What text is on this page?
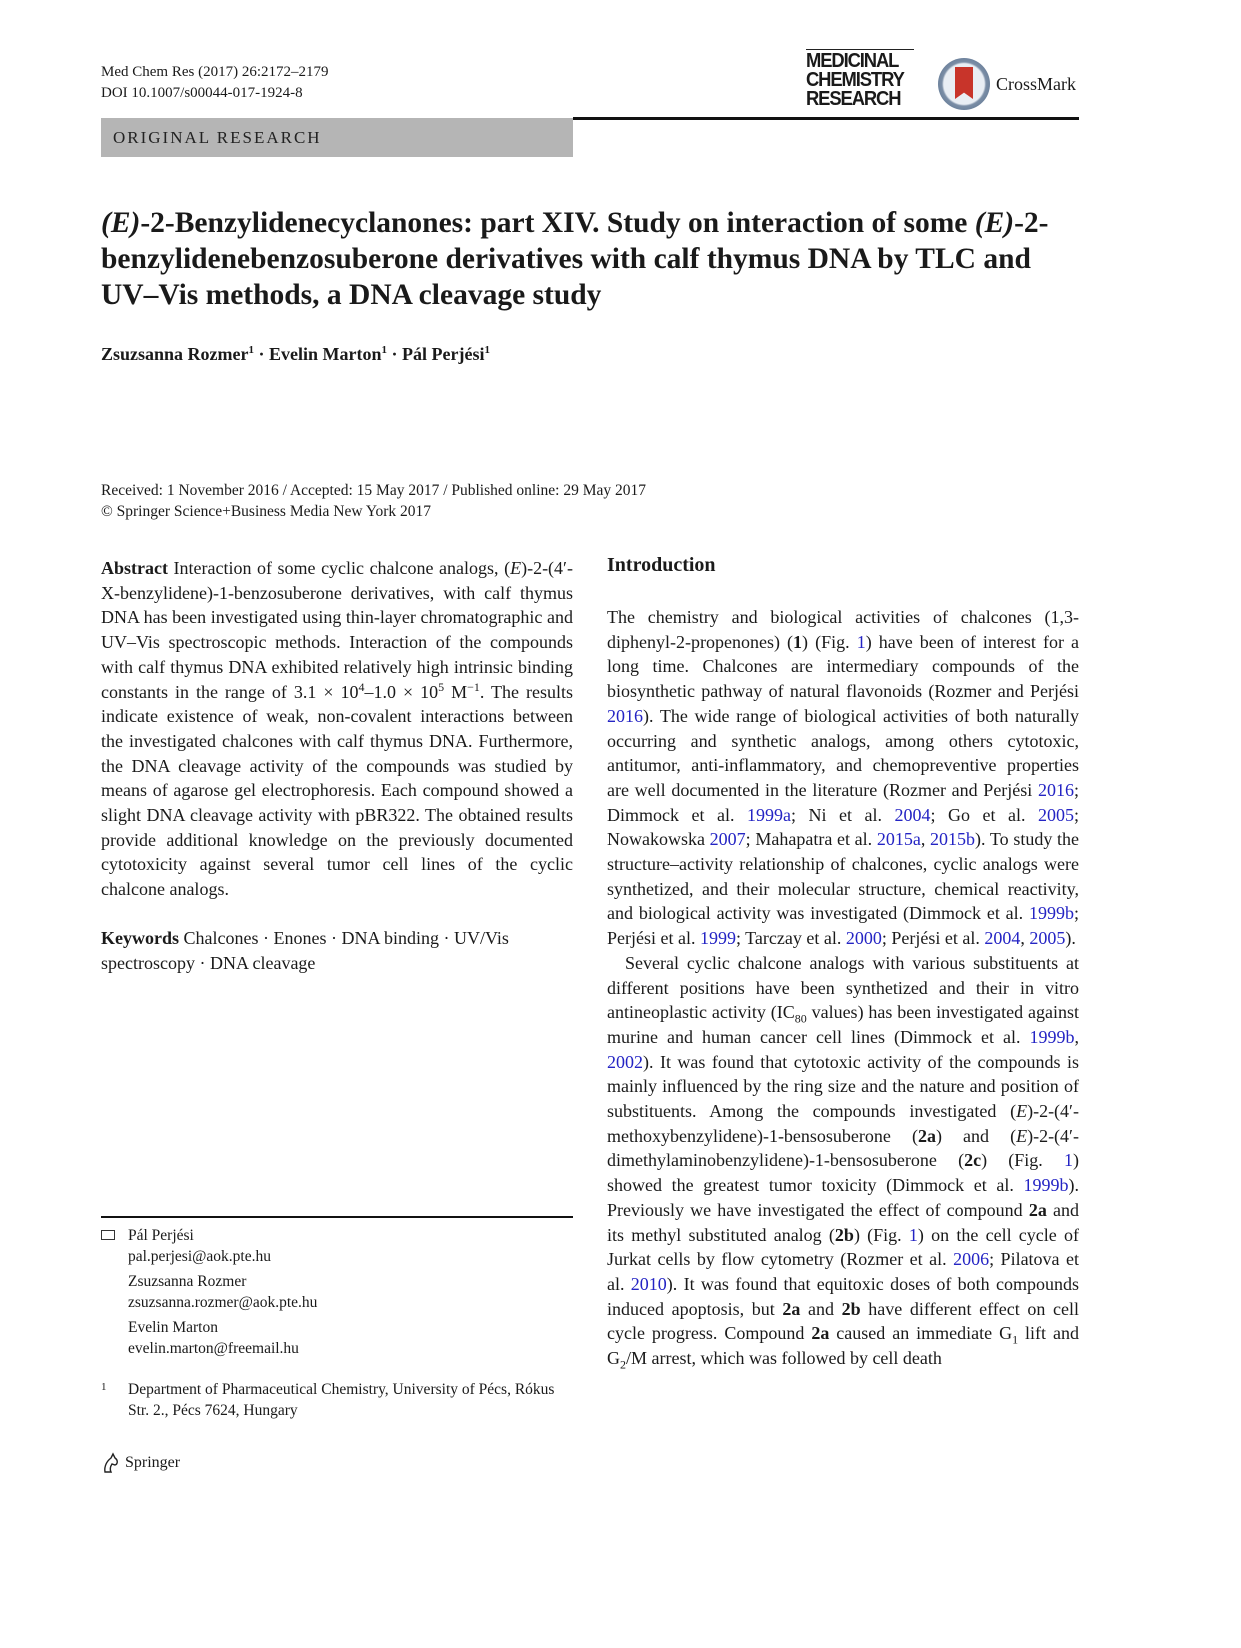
Med Chem Res (2017) 26:2172–2179
DOI 10.1007/s00044-017-1924-8
MEDICINAL
CHEMISTRY
RESEARCH
CrossMark
ORIGINAL RESEARCH
(E)-2-Benzylidenecyclanones: part XIV. Study on interaction of some (E)-2-benzylidenebenzosuberone derivatives with calf thymus DNA by TLC and UV–Vis methods, a DNA cleavage study
Zsuzsanna Rozmer$^1$ · Evelin Marton$^1$ · Pál Perjési$^1$
Received: 1 November 2016 / Accepted: 15 May 2017 / Published online: 29 May 2017
© Springer Science+Business Media New York 2017

Abstract Interaction of some cyclic chalcone analogs, (E)-2-(4′-X-benzylidene)-1-benzosuberone derivatives, with calf thymus DNA has been investigated using thin-layer chromatographic and UV–Vis spectroscopic methods. Interaction of the compounds with calf thymus DNA exhibited relatively high intrinsic binding constants in the range of $3.1 \times 10^4-1.0 \times 10^5$ $M^{-1}$. The results indicate existence of weak, non-covalent interactions between the investigated chalcones with calf thymus DNA. Furthermore, the DNA cleavage activity of the compounds was studied by means of agarose gel electrophoresis. Each compound showed a slight DNA cleavage activity with pBR322. The obtained results provide additional knowledge on the previously documented cytotoxicity against several tumor cell lines of the cyclic chalcone analogs.

Keywords Chalcones · Enones · DNA binding · UV/Vis spectroscopy · DNA cleavage

Introduction

The chemistry and biological activities of chalcones (1,3-diphenyl-2-propenones) (1) (Fig. 1) have been of interest for a long time. Chalcones are intermediary compounds of the biosynthetic pathway of natural flavonoids (Rozmer and Perjési 2016). The wide range of biological activities of both naturally occurring and synthetic analogs, among others cytotoxic, antitumor, anti-inflammatory, and chemopreventive properties are well documented in the literature (Rozmer and Perjési 2016; Dimmock et al. 1999a; Ni et al. 2004; Go et al. 2005; Nowakowska 2007; Mahapatra et al. 2015a, 2015b). To study the structure–activity relationship of chalcones, cyclic analogs were synthetized, and their molecular structure, chemical reactivity, and biological activity was investigated (Dimmock et al. 1999b; Perjési et al. 1999; Tarczay et al. 2000; Perjési et al. 2004, 2005).

Several cyclic chalcone analogs with various substituents at different positions have been synthetized and their in vitro antineoplastic activity ($IC_{80}$ values) has been investigated against murine and human cancer cell lines (Dimmock et al. 1999b, 2002). It was found that cytotoxic activity of the compounds is mainly influenced by the ring size and the nature and position of substituents. Among the compounds investigated (E)-2-(4′-methoxybenzylidene)-1-bensosuberone (2a) and (E)-2-(4′-dimethylaminobenzylidene)-1-bensosuberone (2c) (Fig. 1) showed the greatest tumor toxicity (Dimmock et al. 1999b). Previously we have investigated the effect of compound 2a and its methyl substituted analog (2b) (Fig. 1) on the cell cycle of Jurkat cells by flow cytometry (Rozmer et al. 2006; Pilatova et al. 2010). It was found that equitoxic doses of both compounds induced apoptosis, but 2a and 2b have different effect on cell cycle progress. Compound 2a caused an immediate $G_1$ lift and $G_2/M$ arrest, which was followed by cell death

Pál Perjési
pal.perjesi@aok.pte.hu
Zsuzsanna Rozmer
zsuzsanna.rozmer@aok.pte.hu
Evelin Marton
evelin.marton@freemail.hu
1	Department of Pharmaceutical Chemistry, University of Pécs, Rókus Str. 2., Pécs 7624, Hungary
Springer
